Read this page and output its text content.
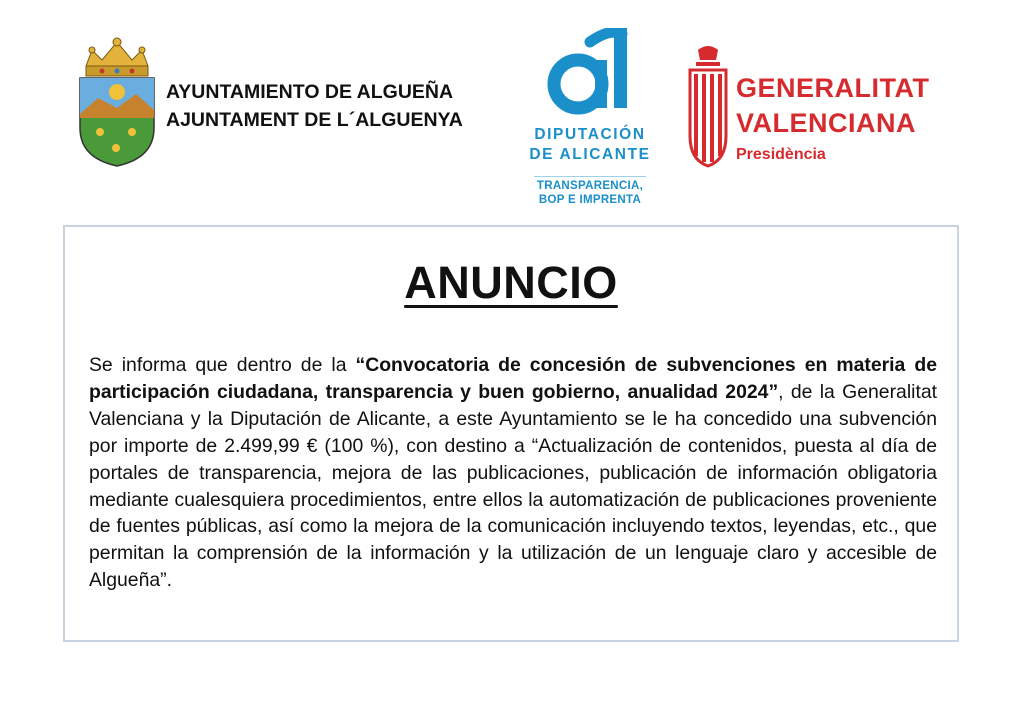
AYUNTAMIENTO DE ALGUEÑA
AJUNTAMENT DE L´ALGUENYA
DIPUTACIÓN
DE ALICANTE
TRANSPARENCIA,
BOP E IMPRENTA
GENERALITAT
VALENCIANA
Presidència
ANUNCIO
Se informa que dentro de la “Convocatoria de concesión de subvenciones en materia de participación ciudadana, transparencia y buen gobierno, anualidad 2024”, de la Generalitat Valenciana y la Diputación de Alicante, a este Ayuntamiento se le ha concedido una subvención por importe de 2.499,99 € (100 %), con destino a “Actualización de contenidos, puesta al día de portales de transparencia, mejora de las publicaciones, publicación de información obligatoria mediante cualesquiera procedimientos, entre ellos la automatización de publicaciones proveniente de fuentes públicas, así como la mejora de la comunicación incluyendo textos, leyendas, etc., que permitan la comprensión de la información y la utilización de un lenguaje claro y accesible de Algueña”.
